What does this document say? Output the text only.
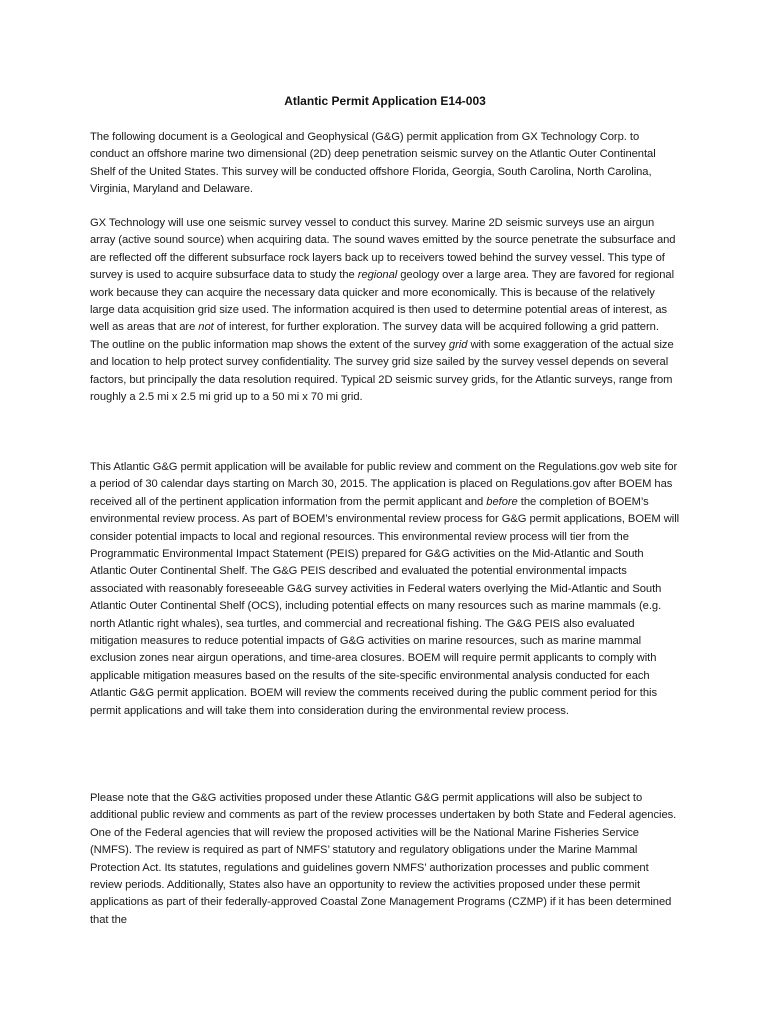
Atlantic Permit Application E14-003

The following document is a Geological and Geophysical (G&G) permit application from GX Technology Corp. to conduct an offshore marine two dimensional (2D) deep penetration seismic survey on the Atlantic Outer Continental Shelf of the United States. This survey will be conducted offshore Florida, Georgia, South Carolina, North Carolina, Virginia, Maryland and Delaware.

GX Technology will use one seismic survey vessel to conduct this survey. Marine 2D seismic surveys use an airgun array (active sound source) when acquiring data. The sound waves emitted by the source penetrate the subsurface and are reflected off the different subsurface rock layers back up to receivers towed behind the survey vessel. This type of survey is used to acquire subsurface data to study the regional geology over a large area. They are favored for regional work because they can acquire the necessary data quicker and more economically. This is because of the relatively large data acquisition grid size used. The information acquired is then used to determine potential areas of interest, as well as areas that are not of interest, for further exploration. The survey data will be acquired following a grid pattern. The outline on the public information map shows the extent of the survey grid with some exaggeration of the actual size and location to help protect survey confidentiality. The survey grid size sailed by the survey vessel depends on several factors, but principally the data resolution required. Typical 2D seismic survey grids, for the Atlantic surveys, range from roughly a 2.5 mi x 2.5 mi grid up to a 50 mi x 70 mi grid.

This Atlantic G&G permit application will be available for public review and comment on the Regulations.gov web site for a period of 30 calendar days starting on March 30, 2015. The application is placed on Regulations.gov after BOEM has received all of the pertinent application information from the permit applicant and before the completion of BOEM’s environmental review process. As part of BOEM’s environmental review process for G&G permit applications, BOEM will consider potential impacts to local and regional resources. This environmental review process will tier from the Programmatic Environmental Impact Statement (PEIS) prepared for G&G activities on the Mid-Atlantic and South Atlantic Outer Continental Shelf. The G&G PEIS described and evaluated the potential environmental impacts associated with reasonably foreseeable G&G survey activities in Federal waters overlying the Mid-Atlantic and South Atlantic Outer Continental Shelf (OCS), including potential effects on many resources such as marine mammals (e.g. north Atlantic right whales), sea turtles, and commercial and recreational fishing. The G&G PEIS also evaluated mitigation measures to reduce potential impacts of G&G activities on marine resources, such as marine mammal exclusion zones near airgun operations, and time-area closures. BOEM will require permit applicants to comply with applicable mitigation measures based on the results of the site-specific environmental analysis conducted for each Atlantic G&G permit application. BOEM will review the comments received during the public comment period for this permit applications and will take them into consideration during the environmental review process.

Please note that the G&G activities proposed under these Atlantic G&G permit applications will also be subject to additional public review and comments as part of the review processes undertaken by both State and Federal agencies. One of the Federal agencies that will review the proposed activities will be the National Marine Fisheries Service (NMFS). The review is required as part of NMFS’ statutory and regulatory obligations under the Marine Mammal Protection Act. Its statutes, regulations and guidelines govern NMFS’ authorization processes and public comment review periods. Additionally, States also have an opportunity to review the activities proposed under these permit applications as part of their federally-approved Coastal Zone Management Programs (CZMP) if it has been determined that the
